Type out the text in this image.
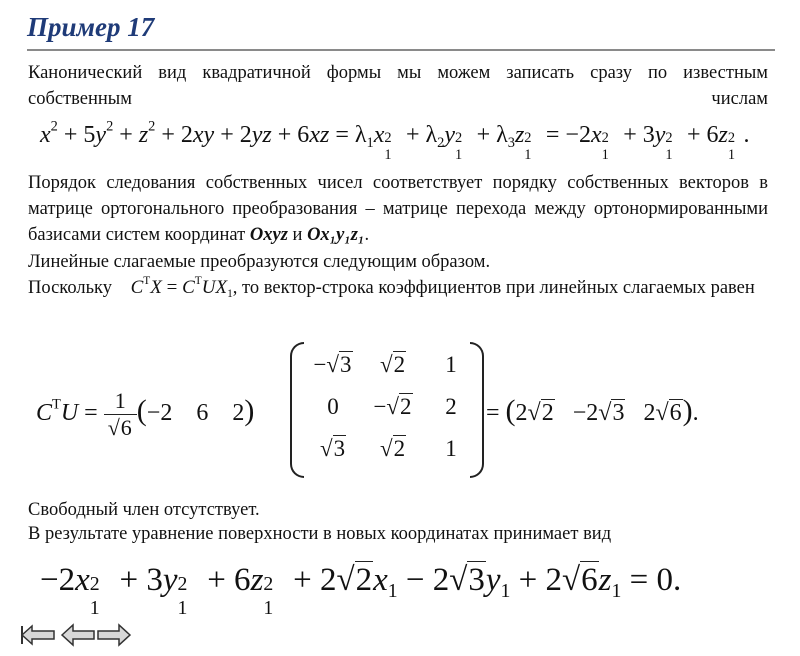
Пример 17
Канонический вид квадратичной формы мы можем записать сразу по известным собственным числам
$x^2 + 5y^2 + z^2 + 2xy + 2yz + 6xz = \lambda_1x$ 2
1
+ $\lambda_2y$ 2
1
+ $\lambda_3z$ 2
1
= −2x 2
1
+ 3y 2
1
+ 6z 2
1
.
Порядок следования собственных чисел соответствует порядку собственных векторов в матрице ортогонального преобразования – матрице перехода между ортонормированными базисами систем координат Oxyz и Ox₁y₁z₁.
Линейные слагаемые преобразуются следующим образом.
Поскольку $C^TX = C^TUX_1$, то вектор-строка коэффициентов при линейных слагаемых равен
$C^TU = \frac{1}{√6} (-2$    6    2)
−√3	√2	1
0	−√2	2
√3	√2	1
= (2√2   −2√3   2√6).
Свободный член отсутствует.
В результате уравнение поверхности в новых координатах принимает вид
−2x 2
1
+ 3y 2
1
+ 6z 2
1
+ $2√2x_1 - 2√3y_1 + 2√6z_1 = 0$.
